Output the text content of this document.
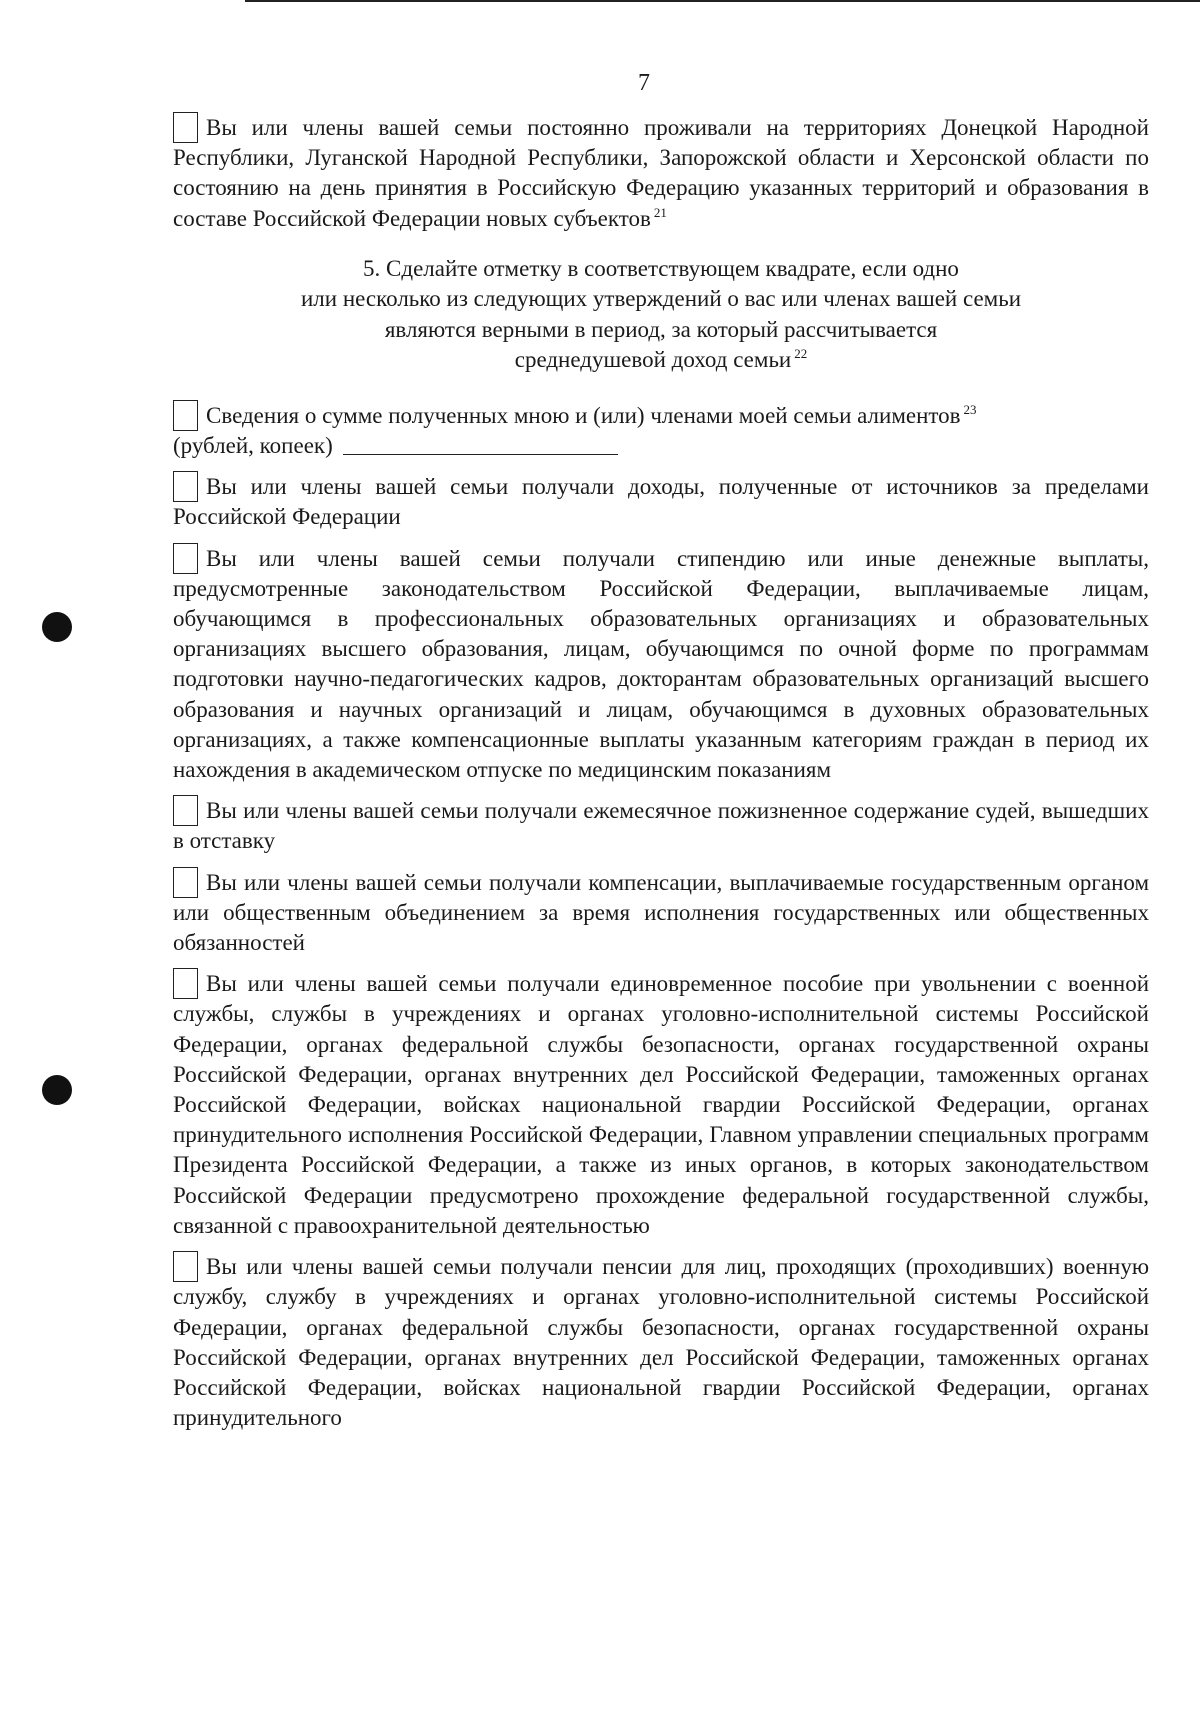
7

Вы или члены вашей семьи постоянно проживали на территориях Донецкой Народной Республики, Луганской Народной Республики, Запорожской области и Херсонской области по состоянию на день принятия в Российскую Федерацию указанных территорий и образования в составе Российской Федерации новых субъектов $^{21}$

5. Сделайте отметку в соответствующем квадрате, если одно
или несколько из следующих утверждений о вас или членах вашей семьи
являются верными в период, за который рассчитывается
среднедушевой доход семьи $^{22}$

Сведения о сумме полученных мною и (или) членами моей семьи алиментов $^{23}$
(рублей, копеек)

Вы или члены вашей семьи получали доходы, полученные от источников за пределами Российской Федерации

Вы или члены вашей семьи получали стипендию или иные денежные выплаты, предусмотренные законодательством Российской Федерации, выплачиваемые лицам, обучающимся в профессиональных образовательных организациях и образовательных организациях высшего образования, лицам, обучающимся по очной форме по программам подготовки научно-педагогических кадров, докторантам образовательных организаций высшего образования и научных организаций и лицам, обучающимся в духовных образовательных организациях, а также компенсационные выплаты указанным категориям граждан в период их нахождения в академическом отпуске по медицинским показаниям

Вы или члены вашей семьи получали ежемесячное пожизненное содержание судей, вышедших в отставку

Вы или члены вашей семьи получали компенсации, выплачиваемые государственным органом или общественным объединением за время исполнения государственных или общественных обязанностей

Вы или члены вашей семьи получали единовременное пособие при увольнении с военной службы, службы в учреждениях и органах уголовно-исполнительной системы Российской Федерации, органах федеральной службы безопасности, органах государственной охраны Российской Федерации, органах внутренних дел Российской Федерации, таможенных органах Российской Федерации, войсках национальной гвардии Российской Федерации, органах принудительного исполнения Российской Федерации, Главном управлении специальных программ Президента Российской Федерации, а также из иных органов, в которых законодательством Российской Федерации предусмотрено прохождение федеральной государственной службы, связанной с правоохранительной деятельностью

Вы или члены вашей семьи получали пенсии для лиц, проходящих (проходивших) военную службу, службу в учреждениях и органах уголовно-исполнительной системы Российской Федерации, органах федеральной службы безопасности, органах государственной охраны Российской Федерации, органах внутренних дел Российской Федерации, таможенных органах Российской Федерации, войсках национальной гвардии Российской Федерации, органах принудительного
